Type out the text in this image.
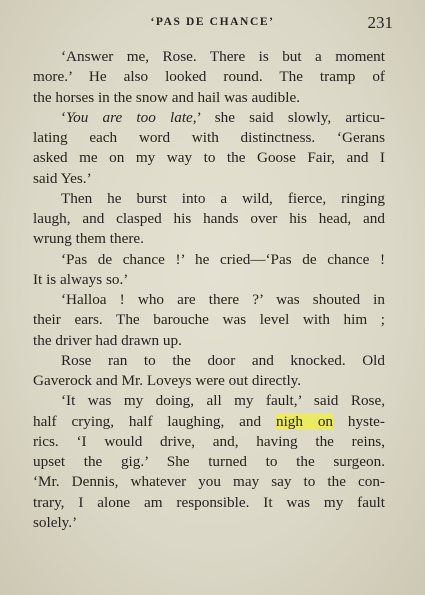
‘PAS DE CHANCE’	231
‘Answer me, Rose. There is but a moment
more.’ He also looked round. The tramp of
the horses in the snow and hail was audible.
‘You are too late,’ she said slowly, articu-
lating each word with distinctness. ‘Gerans
asked me on my way to the Goose Fair, and I
said Yes.’
Then he burst into a wild, fierce, ringing
laugh, and clasped his hands over his head, and
wrung them there.
‘Pas de chance !’ he cried—‘Pas de chance !
It is always so.’
‘Halloa ! who are there ?’ was shouted in
their ears. The barouche was level with him ;
the driver had drawn up.
Rose ran to the door and knocked. Old
Gaverock and Mr. Loveys were out directly.
‘It was my doing, all my fault,’ said Rose,
half crying, half laughing, and nigh on hyste-
rics. ‘I would drive, and, having the reins,
upset the gig.’ She turned to the surgeon.
‘Mr. Dennis, whatever you may say to the con-
trary, I alone am responsible. It was my fault
solely.’
